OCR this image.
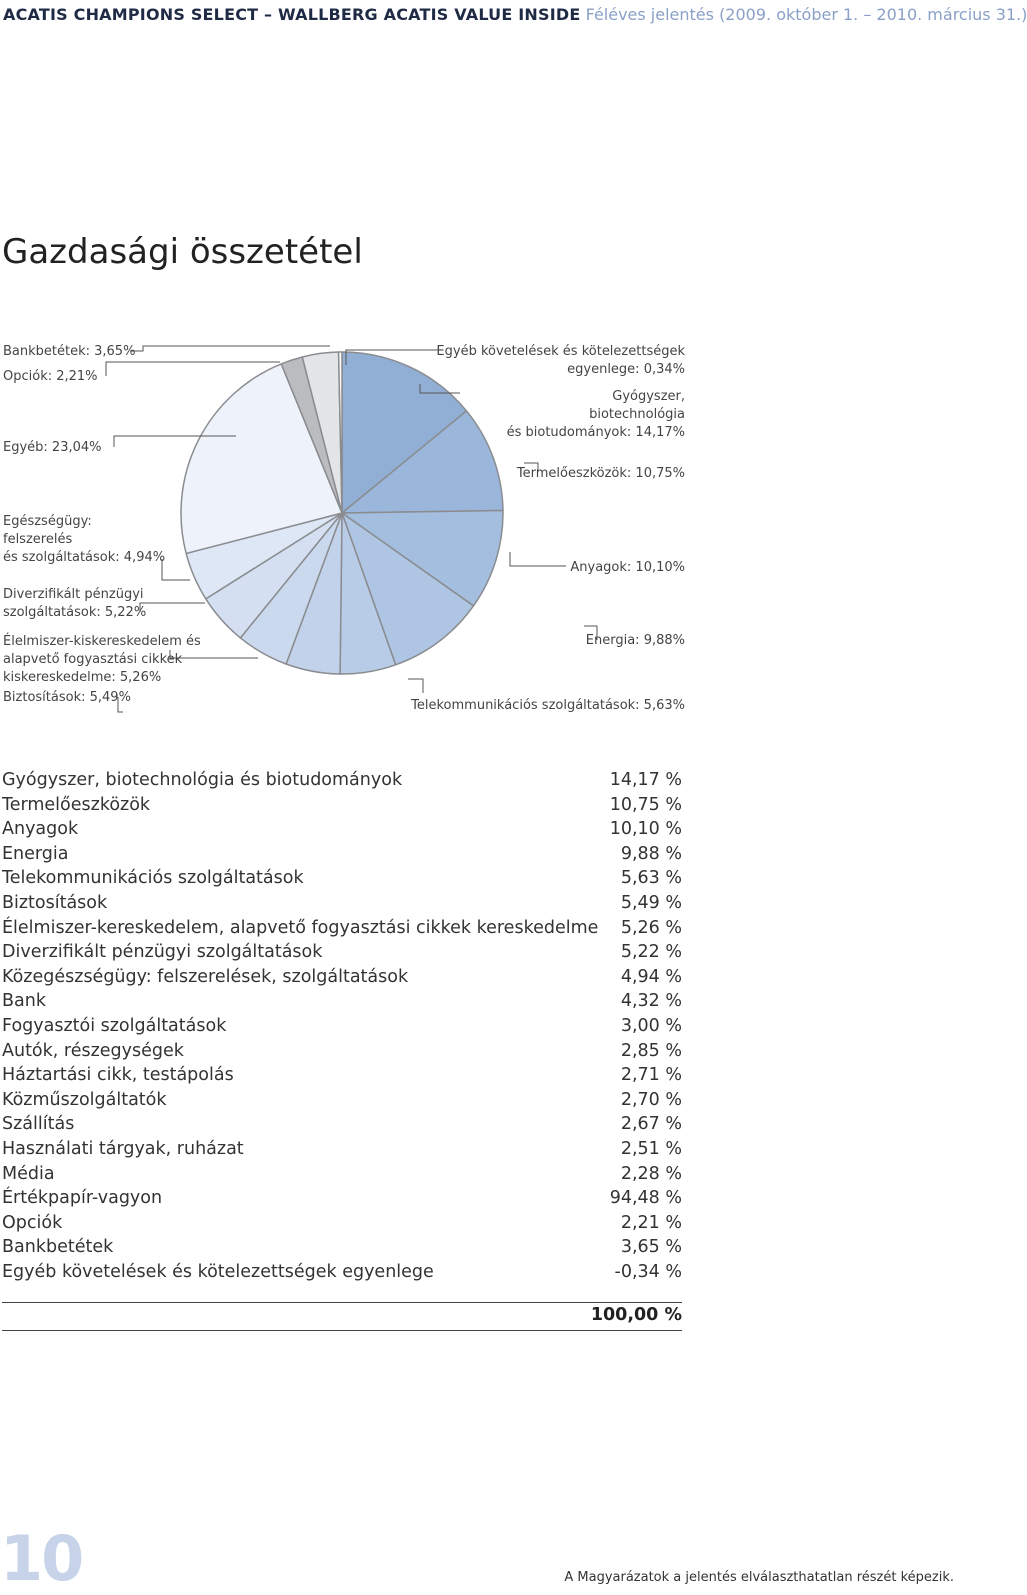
ACATIS CHAMPIONS SELECT – WALLBERG ACATIS VALUE INSIDE Féléves jelentés (2009. október 1. – 2010. március 31.)
Gazdasági összetétel
Bankbetétek: 3,65%
Opciók: 2,21%
Egyéb: 23,04%
Egészségügy:
felszerelés
és szolgáltatások: 4,94%
Diverzifikált pénzügyi
szolgáltatások: 5,22%
Élelmiszer-kiskereskedelem és
alapvető fogyasztási cikkek
kiskereskedelme: 5,26%
Biztosítások: 5,49%
Egyéb követelések és kötelezettségek
egyenlege: 0,34%
Gyógyszer,
biotechnológia
és biotudományok: 14,17%
Termelőeszközök: 10,75%
Anyagok: 10,10%
Energia: 9,88%
Telekommunikációs szolgáltatások: 5,63%
Gyógyszer, biotechnológia és biotudományok	14,17 %
Termelőeszközök	10,75 %
Anyagok	10,10 %
Energia	9,88 %
Telekommunikációs szolgáltatások	5,63 %
Biztosítások	5,49 %
Élelmiszer-kereskedelem, alapvető fogyasztási cikkek kereskedelme	5,26 %
Diverzifikált pénzügyi szolgáltatások	5,22 %
Közegészségügy: felszerelések, szolgáltatások	4,94 %
Bank	4,32 %
Fogyasztói szolgáltatások	3,00 %
Autók, részegységek	2,85 %
Háztartási cikk, testápolás	2,71 %
Közműszolgáltatók	2,70 %
Szállítás	2,67 %
Használati tárgyak, ruházat	2,51 %
Média	2,28 %
Értékpapír-vagyon	94,48 %
Opciók	2,21 %
Bankbetétek	3,65 %
Egyéb követelések és kötelezettségek egyenlege	-0,34 %
100,00 %
10	A Magyarázatok a jelentés elválaszthatatlan részét képezik.
